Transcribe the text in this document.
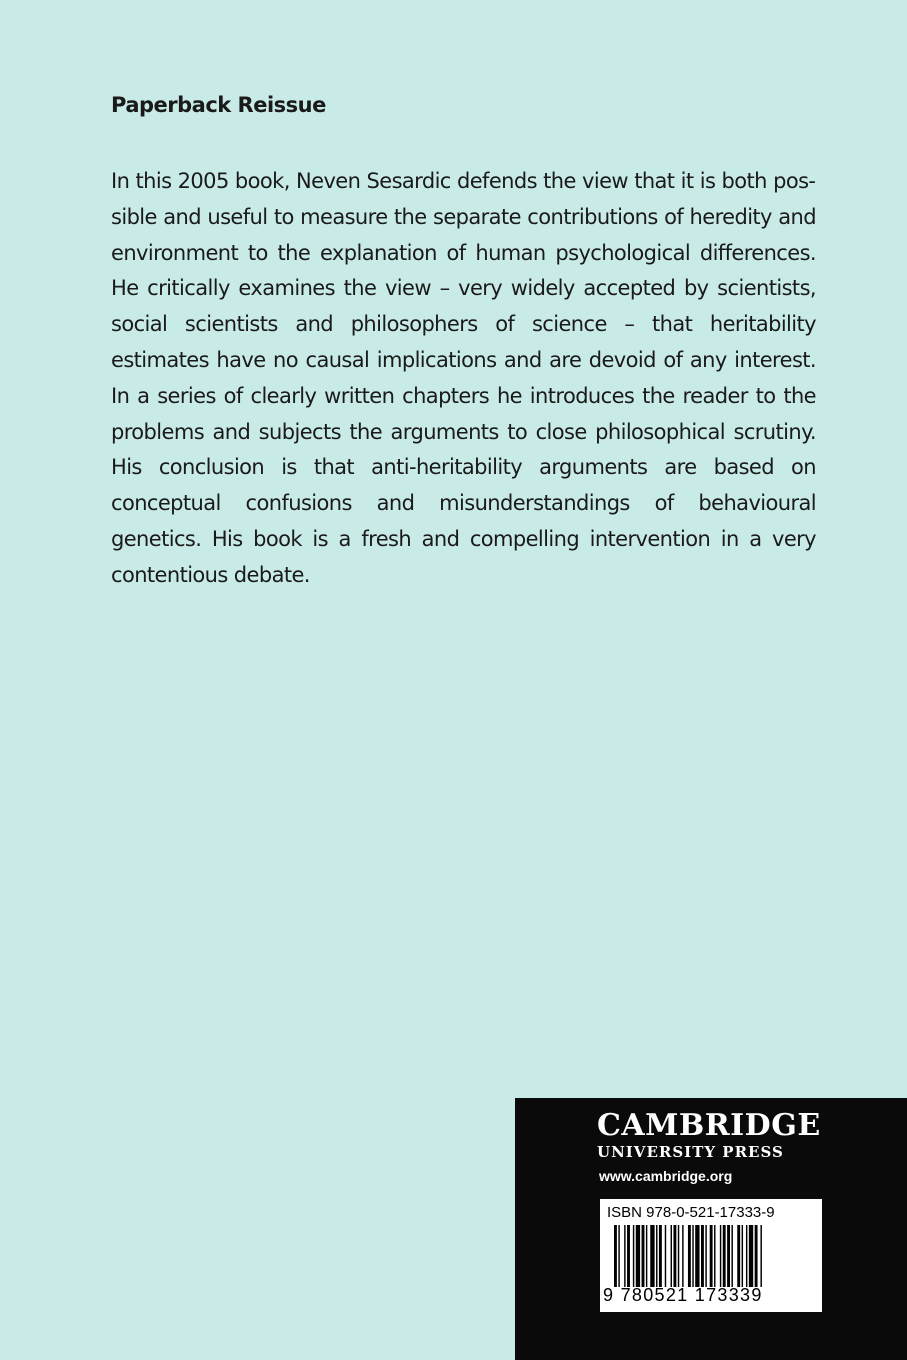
Paperback Reissue
In this 2005 book, Neven Sesardic defends the view that it is both possible and useful to measure the separate contributions of heredity and environment to the explanation of human psychological differences. He critically examines the view – very widely accepted by scientists, social scientists and philosophers of science – that heritability estimates have no causal implications and are devoid of any interest. In a series of clearly written chapters he introduces the reader to the problems and subjects the arguments to close philosophical scrutiny. His conclusion is that anti-heritability arguments are based on conceptual confusions and misunderstandings of behavioural genetics. His book is a fresh and compelling intervention in a very contentious debate.
CAMBRIDGE
UNIVERSITY PRESS
www.cambridge.org
ISBN 978-0-521-17333-9
9 780521 173339
